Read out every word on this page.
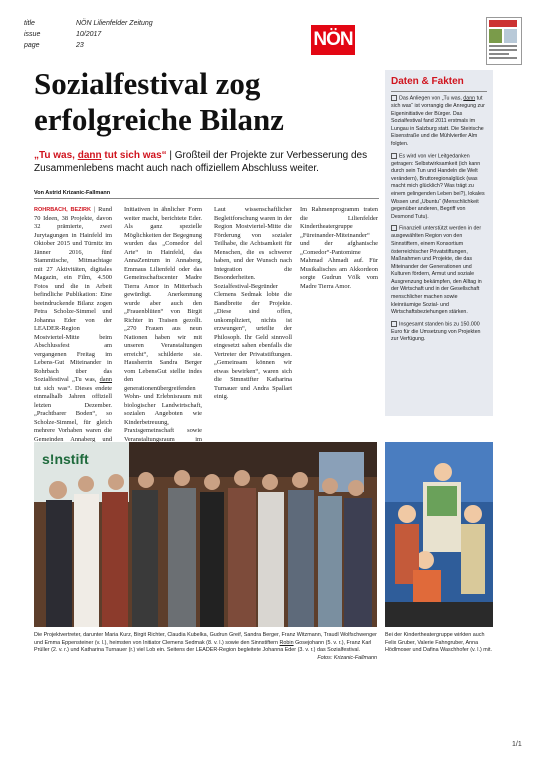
title	NÖN Lilienfelder Zeitung
issue	10/2017
page	23	NÖN
Sozialfestival zog erfolgreiche Bilanz
„Tu was, dann tut sich was“ | Großteil der Projekte zur Verbesserung des Zusammenlebens macht auch nach offiziellem Abschluss weiter.
Von Astrid Krizanic-Fallmann

ROHRBACH, BEZIRK | Rund 70 Ideen, 38 Projekte, davon 32 prämierte, zwei Jurytagungen in Hainfeld im Oktober 2015 und Türnitz im Jänner 2016, fünf Stammtische, Mitmachtage mit 27 Aktivitäten, digitales Magazin, ein Film, 4.500 Fotos und die in Arbeit befindliche Publikation: Eine beeindruckende Bilanz zogen Petra Scholze-Simmel und Johanna Eder von der LEADER-Region Mostviertel-Mitte beim Abschlussfest am vergangenen Freitag im Lebens-Gut Miteinander in Rohrbach über das Sozialfestival „Tu was, dann tut sich was“. Dieses endete einmalhalb Jahren offiziell letzten Dezember. „Prachtbarer Boden“, so Scholze-Simmel, für gleich mehrere Vorhaben waren die Gemeinden Annaberg und

Initiativen in ähnlicher Form weiter macht, berichtete Eder. Als ganz spezielle Möglichkeiten der Begegnung wurden das „Comedor del Arte“ in Hainfeld, das AnnaZentrum in Annaberg, Emmaus Lilienfeld oder das Gemeinschaftscenter Madre Tierra Amor in Mitterbach gewürdigt. Anerkennung wurde aber auch den „Frauenblüten“ von Birgit Richter in Traisen gezollt. „270 Frauen aus neun Nationen haben wir mit unseren Veranstaltungen erreicht“, schilderte sie. Hausherrin Sandra Berger vom LebensGut stellte indes den generationenübergreifenden Wohn- und Erlebnisraum mit biologischer Landwirtschaft, sozialen Angeboten wie Kinderbetreuung, Praxisgemeinschaft sowie Veranstaltungsraum im

Laut wissenschaftlicher Begleitforschung waren in der Region Mostviertel-Mitte die Förderung von sozialer Teilhabe, die Achtsamkeit für Menschen, die es schwerer haben, und der Wunsch nach Integration die Besonderheiten. Sozialfestival-Begründer Clemens Sedmak lobte die Bandbreite der Projekte. „Diese sind offen, unkompliziert, nichts ist erzwungen“, urteilte der Philosoph. Ihr Geld sinnvoll eingesetzt sahen ebenfalls die Vertreter der Privatstiftungen. „Gemeinsam können wir etwas bewirken“, waren sich die Stmnstifter Katharina Turnauer und Andra Spallart einig.

Im Rahmenprogramm traten die Lilienfelder Kindertheatergruppe „Füreinander-Miteinander“ und der afghanische „Comedor“-Pantomime Mahmad Ahmadi auf. Für Musikalisches am Akkordeon sorgte Gudrun Völk vom Madre Tierra Amor.

Daten & Fakten
Das Anliegen von „Tu was, dann tut sich was“ ist vorrangig die Anregung zur Eigeninitiative der Bürger. Das Sozialfestival fand 2011 erstmals im Lungau in Salzburg statt. Die Steirische Eisenstraße und die Mühlviertler Alm folgten.
Es wird von vier Leitgedanken getragen: Selbstwirksamkeit (ich kann durch sein Tun und Handeln die Welt verändern), Bruttoregionalglück (was macht mich glücklich? Was trägt zu einem gelingenden Leben bei?), lokales Wissen und „Ubuntu“ (Menschlichkeit gegenüber anderen, Begriff von Desmond Tutu).
Finanziell unterstützt werden in der ausgewählten Region von den Sinnstiftern, einem Konsortium österreichischer Privatstiftungen, Maßnahmen und Projekte, die das Miteinander der Generationen und Kulturen fördern, Armut und soziale Ausgrenzung bekämpfen, den Alltag in der Wirtschaft und in der Gesellschaft menschlicher machen sowie kleinräumige Sozial- und Wirtschaftsbeziehungen stärken.
Insgesamt standen bis zu 150.000 Euro für die Umsetzung von Projekten zur Verfügung.
s!nstift
Die Projektvertreter, darunter Maria Kurz, Birgit Richter, Claudia Kubelka, Gudrun Greif, Sandra Berger, Franz Witzmann, Traudl Wolfschwenger und Emma Eppensteiner (v. l.), heimsten von Initiator Clemens Sedmak (8. v. l.) sowie den Sinnstiftern Robin Gosejohann (5. v. r.), Franz Karl Prüller (2. v. r.) und Katharina Turnauer (r.) viel Lob ein. Seitens der LEADER-Region begleitete Johanna Eder (3. v. r.) das Sozialfestival.
Fotos: Krizanic-Fallmann
Bei der Kindertheatergruppe wirkten auch Felix Gruber, Valerie Fahngruber, Anna Hödlmoser und Dafina Waschhofer (v. l.) mit.
1/1
